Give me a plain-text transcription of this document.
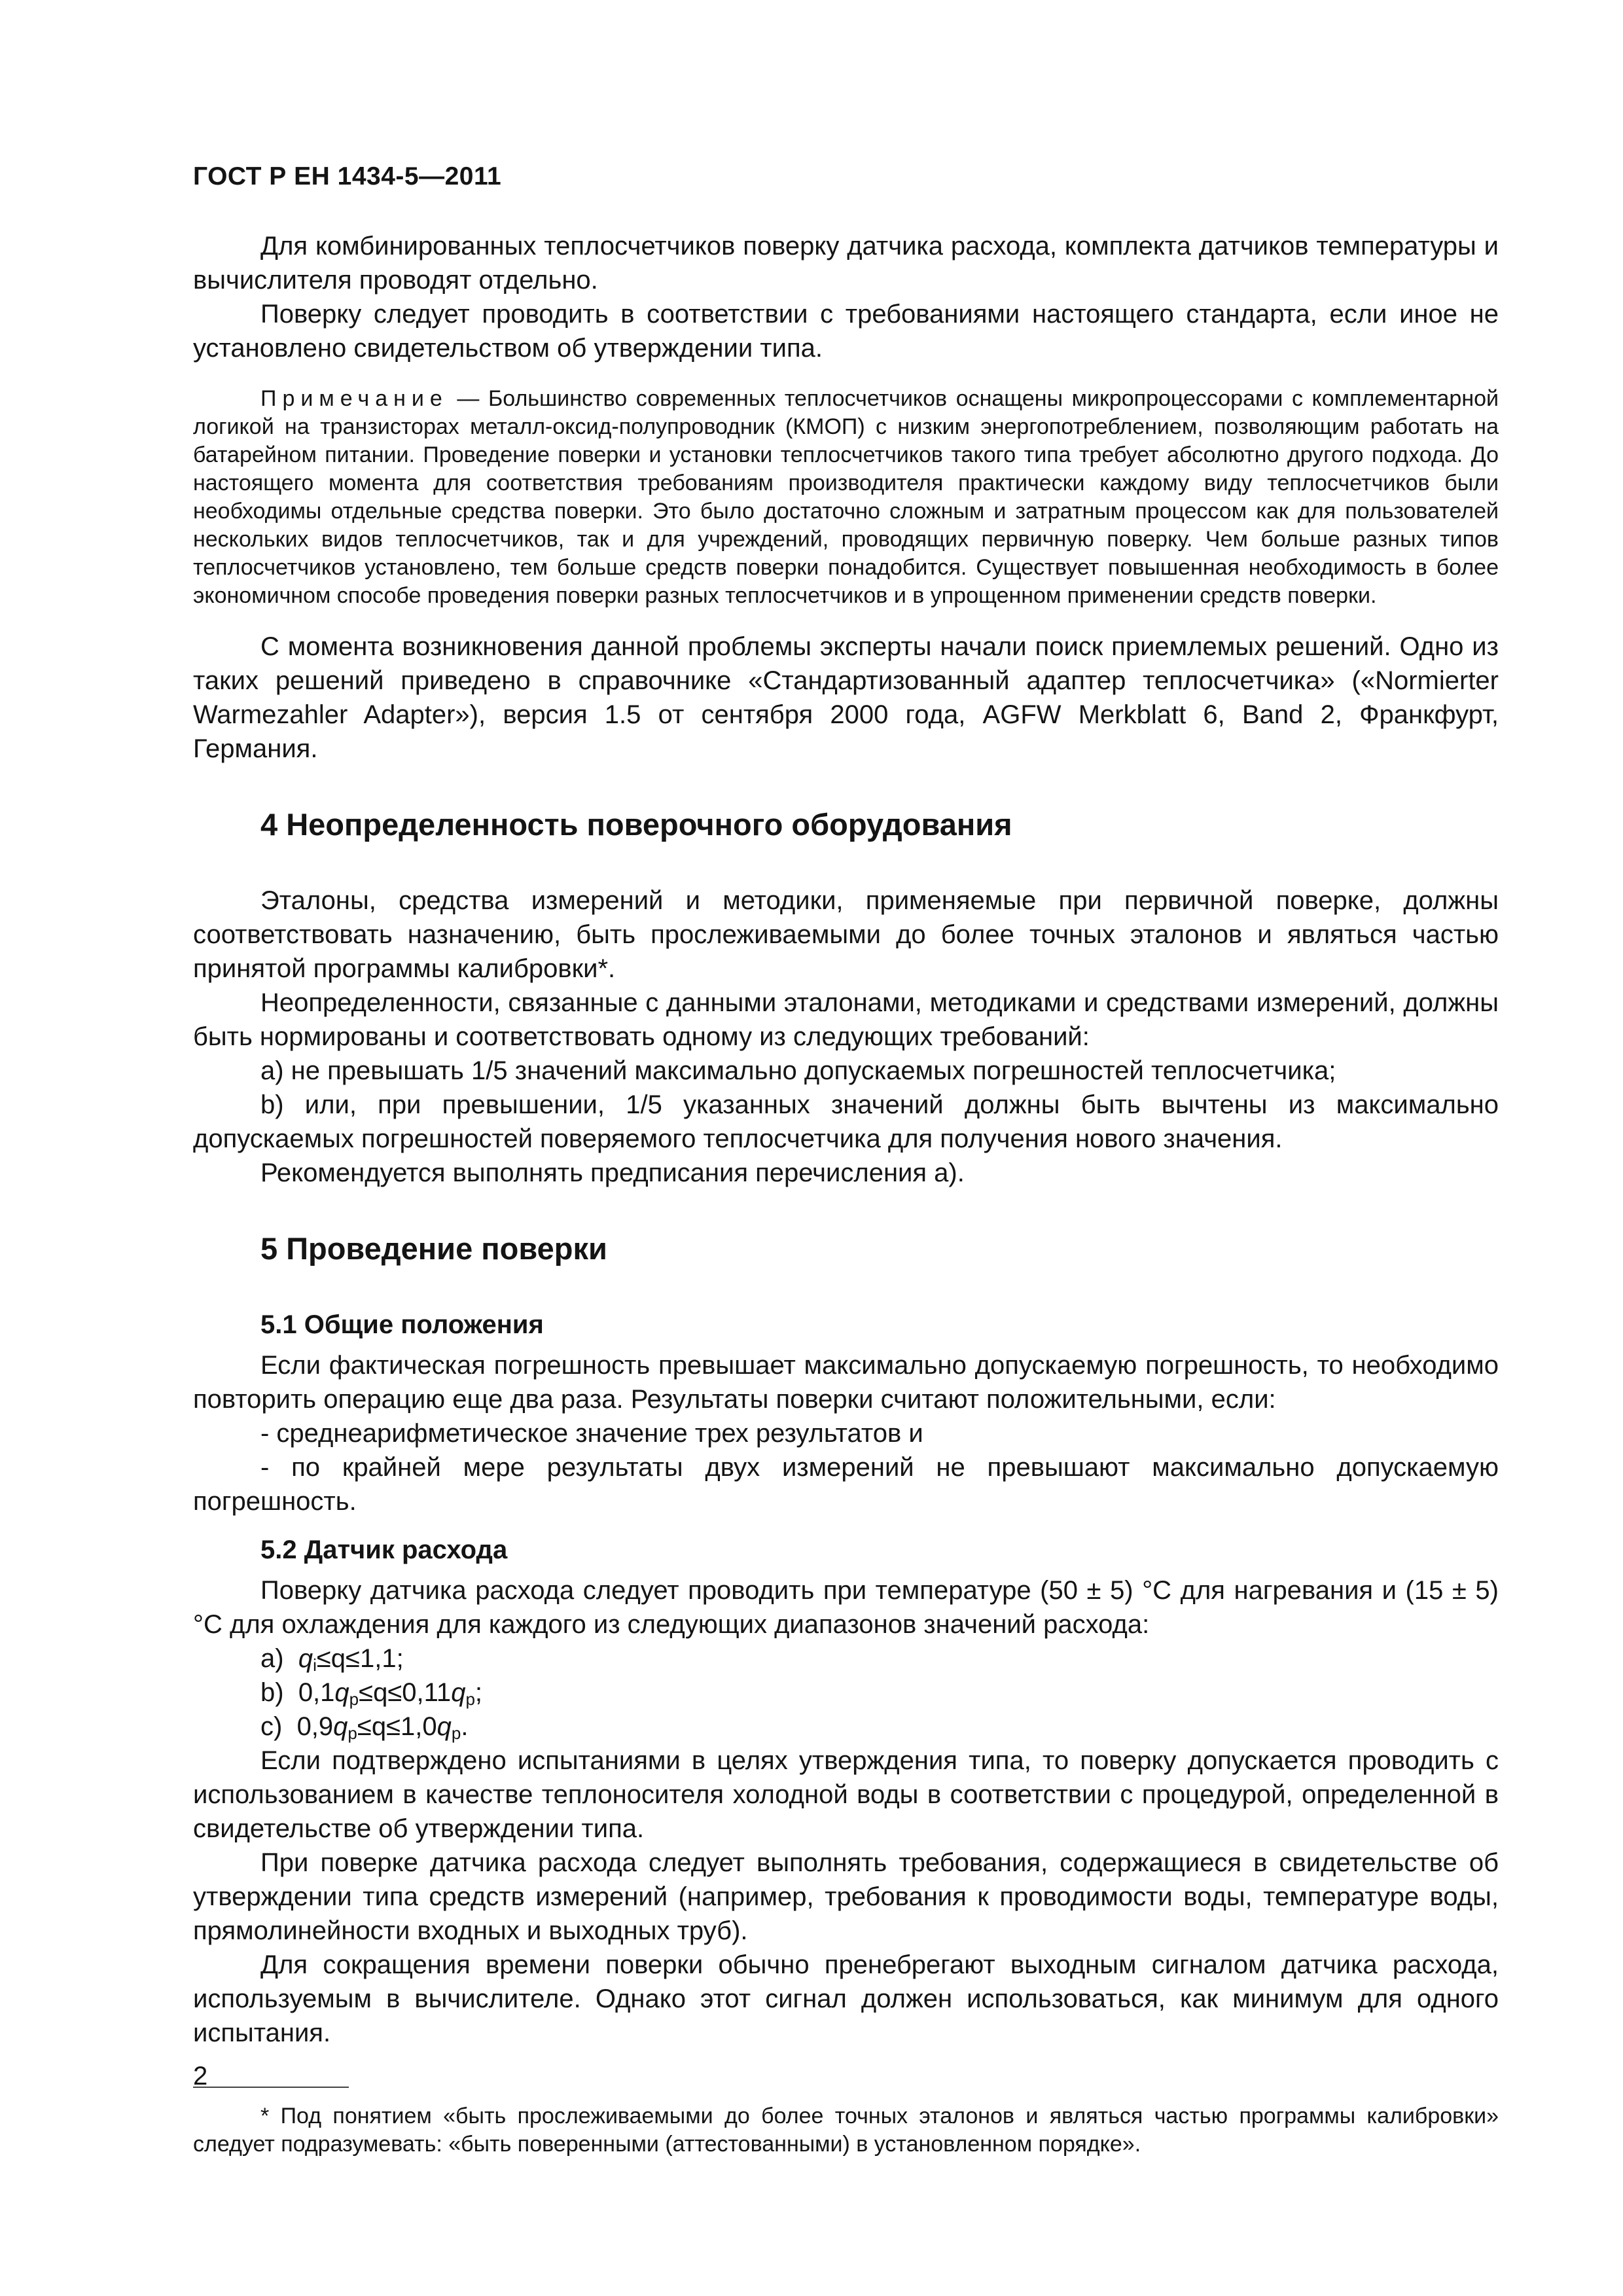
ГОСТ Р ЕН 1434-5—2011

Для комбинированных теплосчетчиков поверку датчика расхода, комплекта датчиков температуры и вычислителя проводят отдельно.

Поверку следует проводить в соответствии с требованиями настоящего стандарта, если иное не установлено свидетельством об утверждении типа.

Примечание — Большинство современных теплосчетчиков оснащены микропроцессорами с комплементарной логикой на транзисторах металл-оксид-полупроводник (КМОП) с низким энергопотреблением, позволяющим работать на батарейном питании. Проведение поверки и установки теплосчетчиков такого типа требует абсолютно другого подхода. До настоящего момента для соответствия требованиям производителя практически каждому виду теплосчетчиков были необходимы отдельные средства поверки. Это было достаточно сложным и затратным процессом как для пользователей нескольких видов теплосчетчиков, так и для учреждений, проводящих первичную поверку. Чем больше разных типов теплосчетчиков установлено, тем больше средств поверки понадобится. Существует повышенная необходимость в более экономичном способе проведения поверки разных теплосчетчиков и в упрощенном применении средств поверки.

С момента возникновения данной проблемы эксперты начали поиск приемлемых решений. Одно из таких решений приведено в справочнике «Стандартизованный адаптер теплосчетчика» («Normierter Warmezahler Adapter»), версия 1.5 от сентября 2000 года, AGFW Merkblatt 6, Band 2, Франкфурт, Германия.

4 Неопределенность поверочного оборудования

Эталоны, средства измерений и методики, применяемые при первичной поверке, должны соответствовать назначению, быть прослеживаемыми до более точных эталонов и являться частью принятой программы калибровки*.

Неопределенности, связанные с данными эталонами, методиками и средствами измерений, должны быть нормированы и соответствовать одному из следующих требований:

а) не превышать 1/5 значений максимально допускаемых погрешностей теплосчетчика;

b) или, при превышении, 1/5 указанных значений должны быть вычтены из максимально допускаемых погрешностей поверяемого теплосчетчика для получения нового значения.

Рекомендуется выполнять предписания перечисления а).

5 Проведение поверки
5.1 Общие положения

Если фактическая погрешность превышает максимально допускаемую погрешность, то необходимо повторить операцию еще два раза. Результаты поверки считают положительными, если:

- среднеарифметическое значение трех результатов и

- по крайней мере результаты двух измерений не превышают максимально допускаемую погрешность.

5.2 Датчик расхода

Поверку датчика расхода следует проводить при температуре (50 ± 5) °С для нагревания и (15 ± 5) °С для охлаждения для каждого из следующих диапазонов значений расхода:

а) $q_i\le q\le 1,1$;

b) $0,1q_p\le q\le 0,11q_p$;

с) $0,9q_p\le q\le 1,0q_p$.

Если подтверждено испытаниями в целях утверждения типа, то поверку допускается проводить с использованием в качестве теплоносителя холодной воды в соответствии с процедурой, определенной в свидетельстве об утверждении типа.

При поверке датчика расхода следует выполнять требования, содержащиеся в свидетельстве об утверждении типа средств измерений (например, требования к проводимости воды, температуре воды, прямолинейности входных и выходных труб).

Для сокращения времени поверки обычно пренебрегают выходным сигналом датчика расхода, используемым в вычислителе. Однако этот сигнал должен использоваться, как минимум для одного испытания.

* Под понятием «быть прослеживаемыми до более точных эталонов и являться частью программы калибровки» следует подразумевать: «быть поверенными (аттестованными) в установленном порядке».
2
